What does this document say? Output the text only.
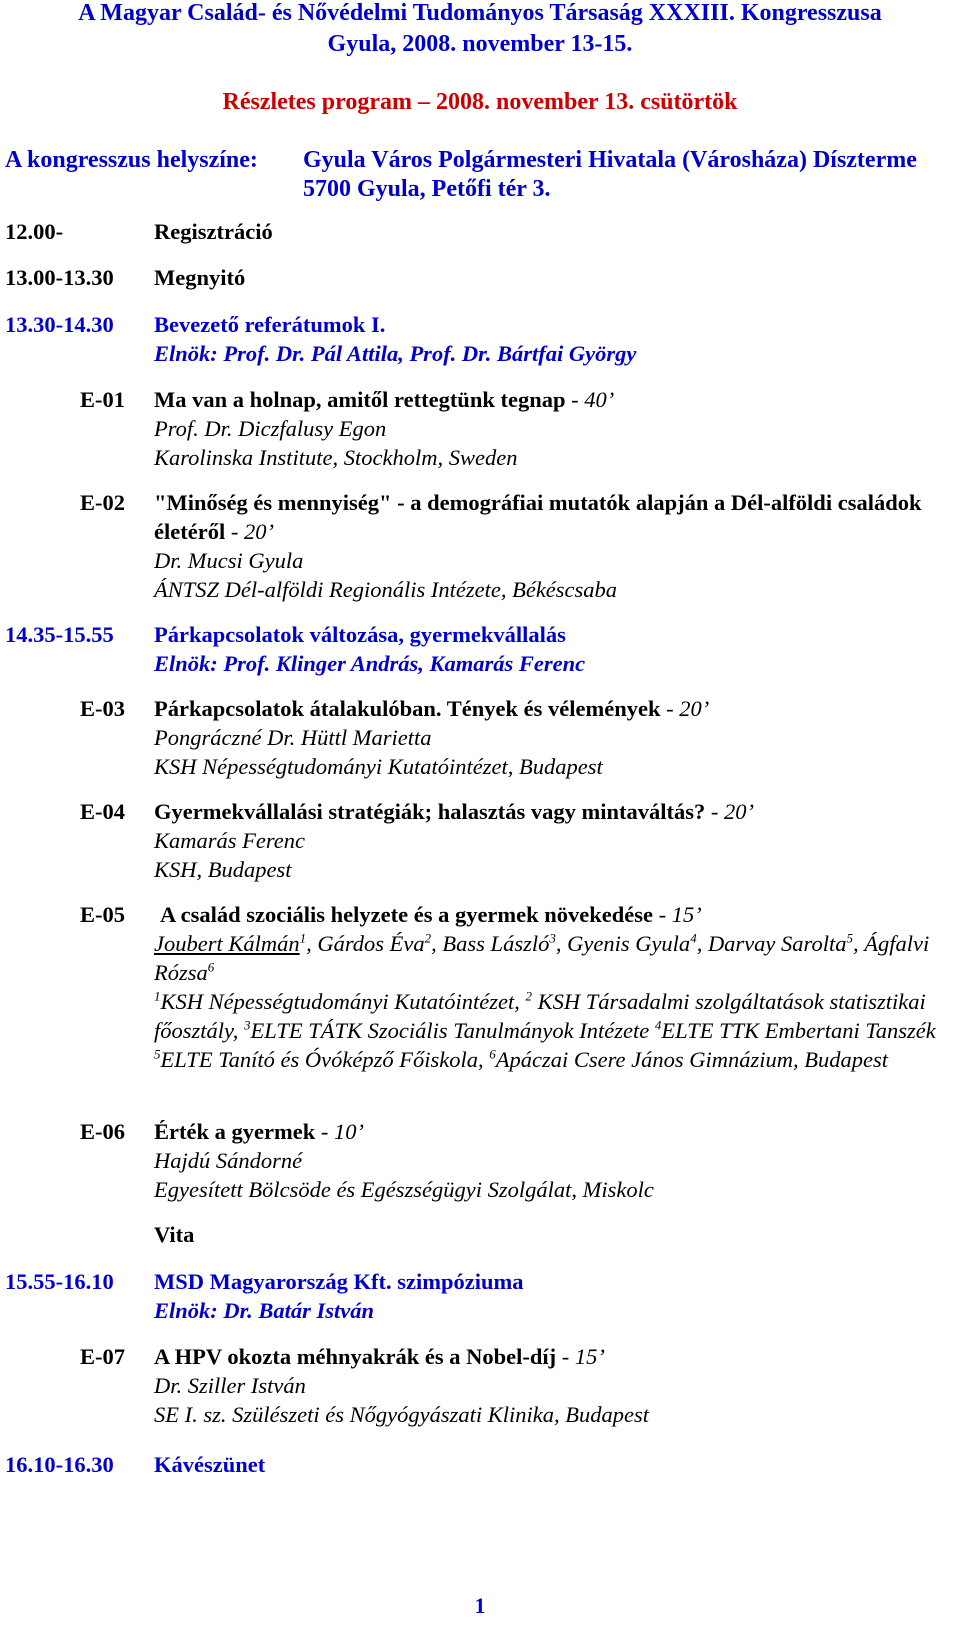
A Magyar Család- és Nővédelmi Tudományos Társaság XXXIII. Kongresszusa
Gyula, 2008. november 13-15.
Részletes program – 2008. november 13. csütörtök
A kongresszus helyszíne: Gyula Város Polgármesteri Hivatala (Városháza) Díszterme
5700 Gyula, Petőfi tér 3.
12.00-	Regisztráció
13.00-13.30 Megnyitó
13.30-14.30 Bevezető referátumok I.
Elnök: Prof. Dr. Pál Attila, Prof. Dr. Bártfai György
E-01 Ma van a holnap, amitől rettegtünk tegnap - 40’
Prof. Dr. Diczfalusy Egon
Karolinska Institute, Stockholm, Sweden
E-02 "Minőség és mennyiség" - a demográfiai mutatók alapján a Dél-alföldi családok életéről - 20’
Dr. Mucsi Gyula
ÁNTSZ Dél-alföldi Regionális Intézete, Békéscsaba
14.35-15.55 Párkapcsolatok változása, gyermekvállalás
Elnök: Prof. Klinger András, Kamarás Ferenc
E-03 Párkapcsolatok átalakulóban. Tények és vélemények - 20’
Pongráczné Dr. Hüttl Marietta
KSH Népességtudományi Kutatóintézet, Budapest
E-04 Gyermekvállalási stratégiák; halasztás vagy mintaváltás? - 20’
Kamarás Ferenc
KSH, Budapest
E-05 A család szociális helyzete és a gyermek növekedése - 15’
Joubert Kálmán$^1$, Gárdos Éva$^2$, Bass László$^3$, Gyenis Gyula$^4$, Darvay Sarolta$^5$, Ágfalvi Rózsa$^6$
$^1$KSH Népességtudományi Kutatóintézet, $^2$ KSH Társadalmi szolgáltatások statisztikai főosztály, $^3$ELTE TÁTK Szociális Tanulmányok Intézete $^4$ELTE TTK Embertani Tanszék $^5$ELTE Tanító és Óvóképző Főiskola, $^6$Apáczai Csere János Gimnázium, Budapest
E-06 Érték a gyermek - 10’
Hajdú Sándorné
Egyesített Bölcsöde és Egészségügyi Szolgálat, Miskolc
Vita
15.55-16.10 MSD Magyarország Kft. szimpóziuma
Elnök: Dr. Batár István
E-07 A HPV okozta méhnyakrák és a Nobel-díj - 15’
Dr. Sziller István
SE I. sz. Szülészeti és Nőgyógyászati Klinika, Budapest
16.10-16.30 Kávészünet
1
